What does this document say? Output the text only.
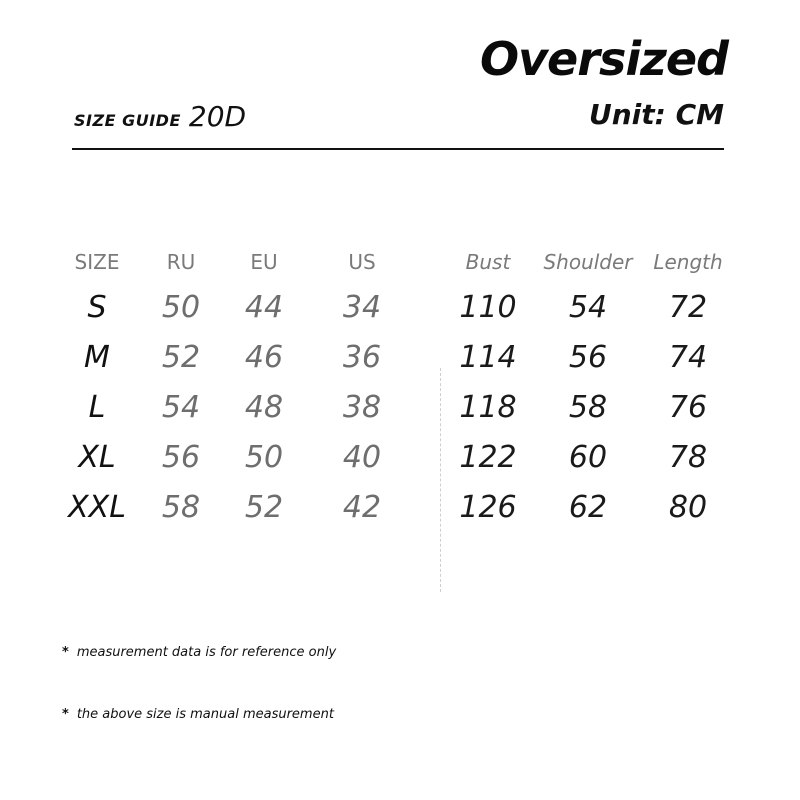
Oversized
Unit: CM
SIZE GUIDE 20D
SIZE RU	EU	US	Bust Shoulder Length
S 50 44 34	110 54 72
M 52 46 36	114 56 74
L 54 48 38	118 58 76
XL 56 50 40	122 60 78
XXL 58 52 42	126 62 80
* measurement data is for reference only
* the above size is manual measurement
